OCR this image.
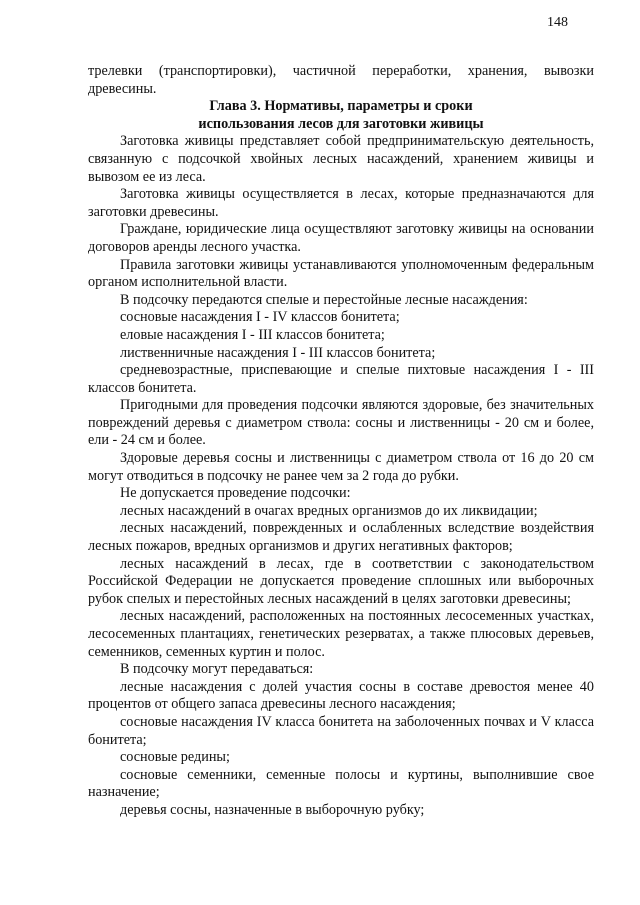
148

трелевки (транспортировки), частичной переработки, хранения, вывозки древесины.

Глава 3. Нормативы, параметры и сроки
использования лесов для заготовки живицы

Заготовка живицы представляет собой предпринимательскую деятельность, связанную с подсочкой хвойных лесных насаждений, хранением живицы и вывозом ее из леса.

Заготовка живицы осуществляется в лесах, которые предназначаются для заготовки древесины.

Граждане, юридические лица осуществляют заготовку живицы на основании договоров аренды лесного участка.

Правила заготовки живицы устанавливаются уполномоченным федеральным органом исполнительной власти.

В подсочку передаются спелые и перестойные лесные насаждения:

сосновые насаждения I - IV классов бонитета;

еловые насаждения I - III классов бонитета;

лиственничные насаждения I - III классов бонитета;

средневозрастные, приспевающие и спелые пихтовые насаждения I - III классов бонитета.

Пригодными для проведения подсочки являются здоровые, без значительных повреждений деревья с диаметром ствола: сосны и лиственницы - 20 см и более, ели - 24 см и более.

Здоровые деревья сосны и лиственницы с диаметром ствола от 16 до 20 см могут отводиться в подсочку не ранее чем за 2 года до рубки.

Не допускается проведение подсочки:

лесных насаждений в очагах вредных организмов до их ликвидации;

лесных насаждений, поврежденных и ослабленных вследствие воздействия лесных пожаров, вредных организмов и других негативных факторов;

лесных насаждений в лесах, где в соответствии с законодательством Российской Федерации не допускается проведение сплошных или выборочных рубок спелых и перестойных лесных насаждений в целях заготовки древесины;

лесных насаждений, расположенных на постоянных лесосеменных участках, лесосеменных плантациях, генетических резерватах, а также плюсовых деревьев, семенников, семенных куртин и полос.

В подсочку могут передаваться:

лесные насаждения с долей участия сосны в составе древостоя менее 40 процентов от общего запаса древесины лесного насаждения;

сосновые насаждения IV класса бонитета на заболоченных почвах и V класса бонитета;

сосновые редины;

сосновые семенники, семенные полосы и куртины, выполнившие свое назначение;

деревья сосны, назначенные в выборочную рубку;
